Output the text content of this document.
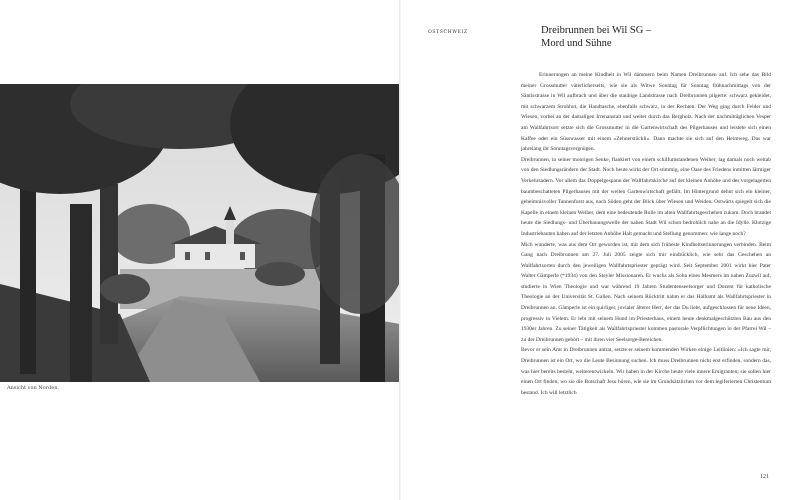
Ansicht von Norden.
OSTSCHWEIZ	Dreibrunnen bei Wil SG –
Mord und Sühne

Erinnerungen an meine Kindheit in Wil dämmern beim Namen Dreibrunnen auf. Ich sehe das Bild meiner Grossmutter väterlicherseits, wie sie als Witwe Sonntag für Sonntag frühnachmittags von der Säntisstrasse in Wil aufbrach und über die staubige Landstrasse nach Dreibrunnen pilgerte: schwarz gekleidet, mit schwarzem Strohhut, die Handtasche, ebenfalls schwarz, in der Rechten. Der Weg ging durch Felder und Wiesen, vorbei an der damaligen Irrenanstalt und weiter durch das Bergholz. Nach der nachmittäglichen Vesper am Wallfahrtsort setzte sich die Grossmutter in die Gartenwirtschaft des Pilgerhauses und leistete sich einen Kaffee oder ein Süsswasser mit einem »Zehnerstückli«. Dann machte sie sich auf den Heimweg. Das war jahrelang ihr Sonntagsvergnügen.

Dreibrunnen, in seiner moorigen Senke, flankiert von einem schilfumstandenen Weiher, lag damals noch weitab von den Siedlungsrändern der Stadt. Noch heute wirkt der Ort stimmig, eine Oase des Friedens inmitten lärmiger Verkehrsadern. Vor allem das Doppelgespann der Wallfahrtskirche auf der kleinen Anhöhe und des vorgelagerten baumbeschatteten Pilgerhauses mit der weiten Gartenwirtschaft gefällt. Im Hintergrund dehnt sich ein kleiner, geheimnisvoller Tannenforst aus, nach Süden geht der Blick über Wiesen und Weiden. Ostwärts spiegelt sich die Kapelle in einem kleinen Weiher, dem eine bedeutende Rolle im alten Wallfahrtsgeschehen zukam. Doch brandet heute die Siedlungs- und Überbauungswelle der nahen Stadt Wil schon bedrohlich nahe an die Idylle. Klotzige Industriebauten haben auf der letzten Anhöhe Halt gemacht und Stellung genommen: wie lange noch?

Mich wunderte, was aus dem Ort geworden ist, mit dem sich früheste Kindheitserinnerungen verbinden. Beim Gang nach Dreibrunnen am 27. Juli 2005 zeigte sich mir eindrücklich, wie sehr das Geschehen an Wallfahrtsorten durch den jeweiligen Wallfahrtspriester geprägt wird. Seit September 2001 wirkt hier Pater Walter Gämperle (*1934) von den Steyler Missionaren. Er wuchs als Sohn eines Mesmers im nahen Zuzwil auf, studierte in Wien Theologie und war während 19 Jahren Studentenseelsorger und Dozent für katholische Theologie an der Universität St. Gallen. Nach seinem Rücktritt nahm er das Halbamt als Wallfahrtspriester in Dreibrunnen an. Gämperle ist ein quirliger, jovialer älterer Herr, der das Du liebt, aufgeschlossen für neue Ideen, progressiv in Vielem. Er lebt mit seinem Hund im Priesterhaus, einem heute denkmalgeschützten Bau aus den 1930er Jahren. Zu seiner Tätigkeit als Wallfahrtspriester kommen pastorale Verpflichtungen in der Pfarrei Wil – zu der Dreibrunnen gehört – mit ihren vier Seelsorge-Bereichen.

Bevor er sein Amt in Dreibrunnen antrat, setzte er seinem kommenden Wirken einige Leitlinien: »Ich sagte mir, Dreibrunnen ist ein Ort, wo die Leute Besinnung suchen. Ich muss Dreibrunnen nicht erst erfinden, sondern das, was hier bereits besteht, weiterentwickeln. Wir haben in der Kirche heute viele innere Emigranten; sie sollen hier einen Ort finden, wo sie die Botschaft Jesu hören, wie sie im Grundsätzlichen vor dem legiferierten Christentum bestand. Ich will letztlich

121
